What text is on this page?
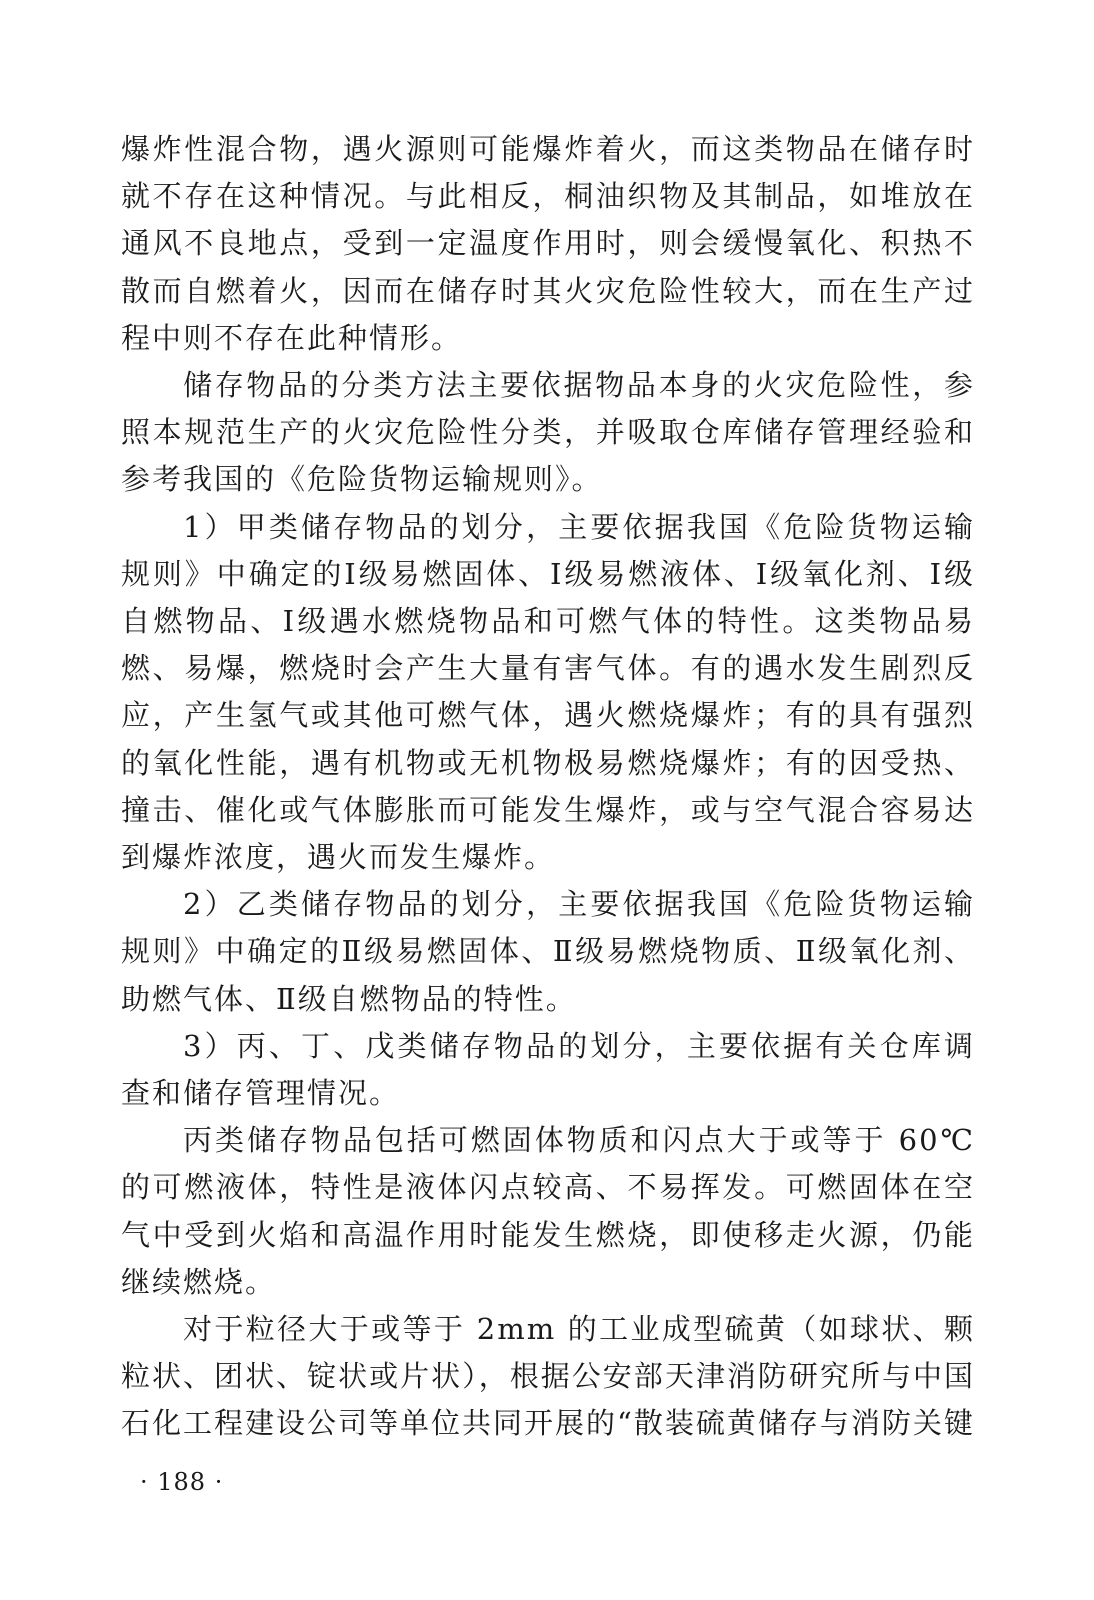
爆炸性混合物，遇火源则可能爆炸着火，而这类物品在储存时就不存在这种情况。与此相反，桐油织物及其制品，如堆放在通风不良地点，受到一定温度作用时，则会缓慢氧化、积热不散而自燃着火，因而在储存时其火灾危险性较大，而在生产过程中则不存在此种情形。

储存物品的分类方法主要依据物品本身的火灾危险性，参照本规范生产的火灾危险性分类，并吸取仓库储存管理经验和参考我国的《危险货物运输规则》。

1）甲类储存物品的划分，主要依据我国《危险货物运输规则》中确定的Ⅰ级易燃固体、Ⅰ级易燃液体、Ⅰ级氧化剂、Ⅰ级自燃物品、Ⅰ级遇水燃烧物品和可燃气体的特性。这类物品易燃、易爆，燃烧时会产生大量有害气体。有的遇水发生剧烈反应，产生氢气或其他可燃气体，遇火燃烧爆炸；有的具有强烈的氧化性能，遇有机物或无机物极易燃烧爆炸；有的因受热、撞击、催化或气体膨胀而可能发生爆炸，或与空气混合容易达到爆炸浓度，遇火而发生爆炸。

2）乙类储存物品的划分，主要依据我国《危险货物运输规则》中确定的Ⅱ级易燃固体、Ⅱ级易燃烧物质、Ⅱ级氧化剂、助燃气体、Ⅱ级自燃物品的特性。

3）丙、丁、戊类储存物品的划分，主要依据有关仓库调查和储存管理情况。

丙类储存物品包括可燃固体物质和闪点大于或等于 60℃的可燃液体，特性是液体闪点较高、不易挥发。可燃固体在空气中受到火焰和高温作用时能发生燃烧，即使移走火源，仍能继续燃烧。

对于粒径大于或等于 2mm 的工业成型硫黄（如球状、颗粒状、团状、锭状或片状），根据公安部天津消防研究所与中国石化工程建设公司等单位共同开展的“散装硫黄储存与消防关键

· 188 ·
